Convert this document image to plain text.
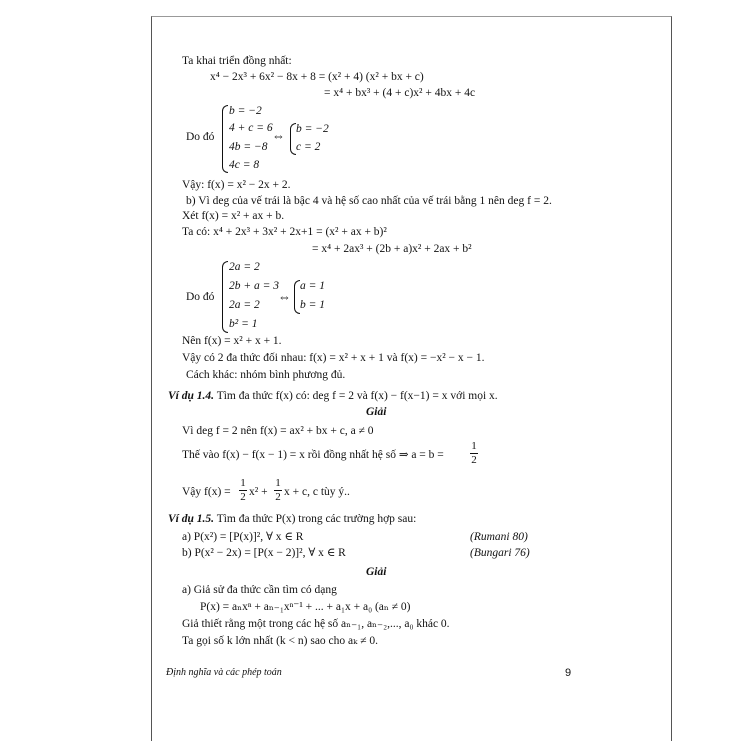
Ta khai triển đồng nhất:
x⁴ − 2x³ + 6x² − 8x + 8 = (x² + 4) (x² + bx + c)
= x⁴ + bx³ + (4 + c)x² + 4bx + 4c
Do đó
b = −2
4 + c = 6
4b = −8
4c = 8
⇔ b = −2
c = 2
Vậy: f(x) = x² − 2x + 2.
b) Vì deg của vế trái là bậc 4 và hệ số cao nhất của vế trái bằng 1 nên deg f = 2.
Xét f(x) = x² + ax + b.
Ta có: x⁴ + 2x³ + 3x² + 2x+1 = (x² + ax + b)²
= x⁴ + 2ax³ + (2b + a)x² + 2ax + b²
Do đó
2a = 2
2b + a = 3
2a = 2
b² = 1
⇔
a = 1
b = 1
Nên f(x) = x² + x + 1.
Vậy có 2 đa thức đối nhau: f(x) = x² + x + 1 và f(x) = −x² − x − 1.
Cách khác: nhóm bình phương đủ.
Ví dụ 1.4. Tìm đa thức f(x) có: deg f = 2 và f(x) − f(x−1) = x với mọi x.
Giải
Vì deg f = 2 nên f(x) = ax² + bx + c, a ≠ 0
Thế vào f(x) − f(x − 1) = x rồi đồng nhất hệ số ⇒ a = b =
1
2
Vậy f(x) =
1
2 x² +
1
2 x + c, c tùy ý..
Ví dụ 1.5. Tìm đa thức P(x) trong các trường hợp sau:
a) P(x²) = [P(x)]², ∀ x ∈ R	(Rumani 80)
b) P(x² − 2x) = [P(x − 2)]², ∀ x ∈ R	(Bungari 76)
Giải
a) Giả sử đa thức cần tìm có dạng
P(x) = aₙxⁿ + aₙ₋₁xⁿ⁻¹ + ... + a₁x + a₀ (aₙ ≠ 0)
Giả thiết rằng một trong các hệ số aₙ₋₁, aₙ₋₂,..., a₀ khác 0.
Ta gọi số k lớn nhất (k < n) sao cho aₖ ≠ 0.
Định nghĩa và các phép toán	9
